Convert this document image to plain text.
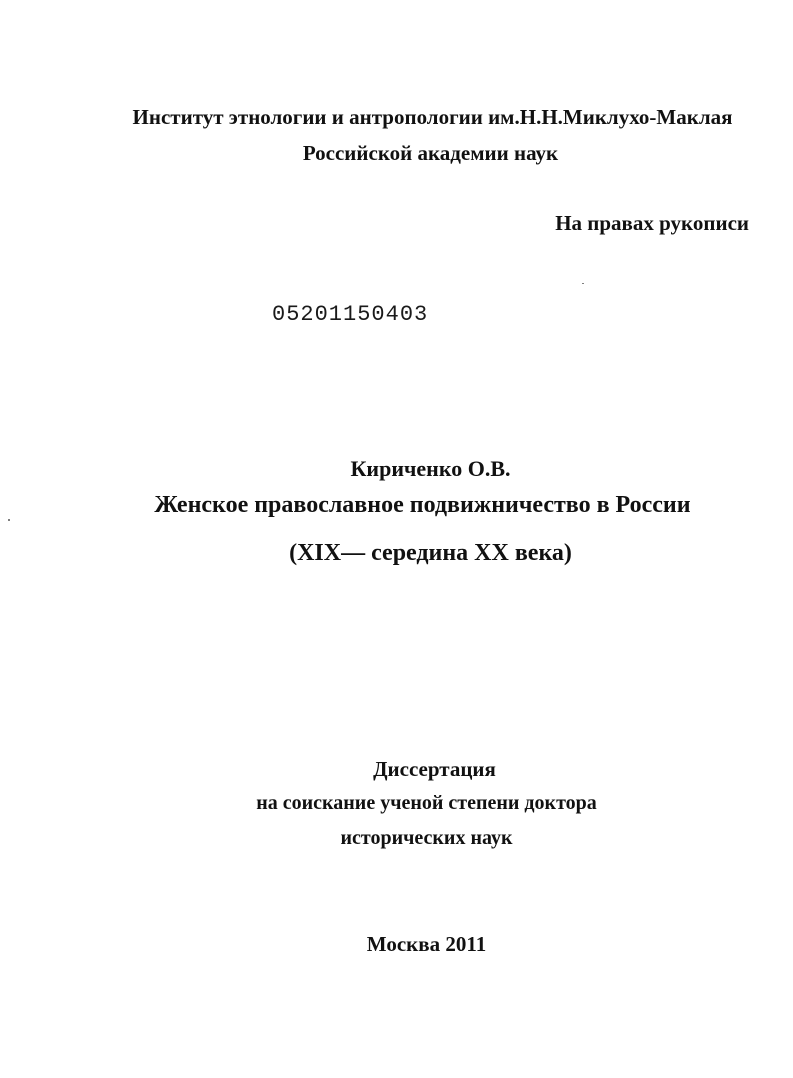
Институт этнологии и антропологии им.Н.Н.Миклухо-Маклая
Российской академии наук
На правах рукописи
05201150403
Кириченко О.В.
Женское православное подвижничество в России
(XIX— середина XX века)
Диссертация
на соискание ученой степени доктора
исторических наук
Москва 2011
